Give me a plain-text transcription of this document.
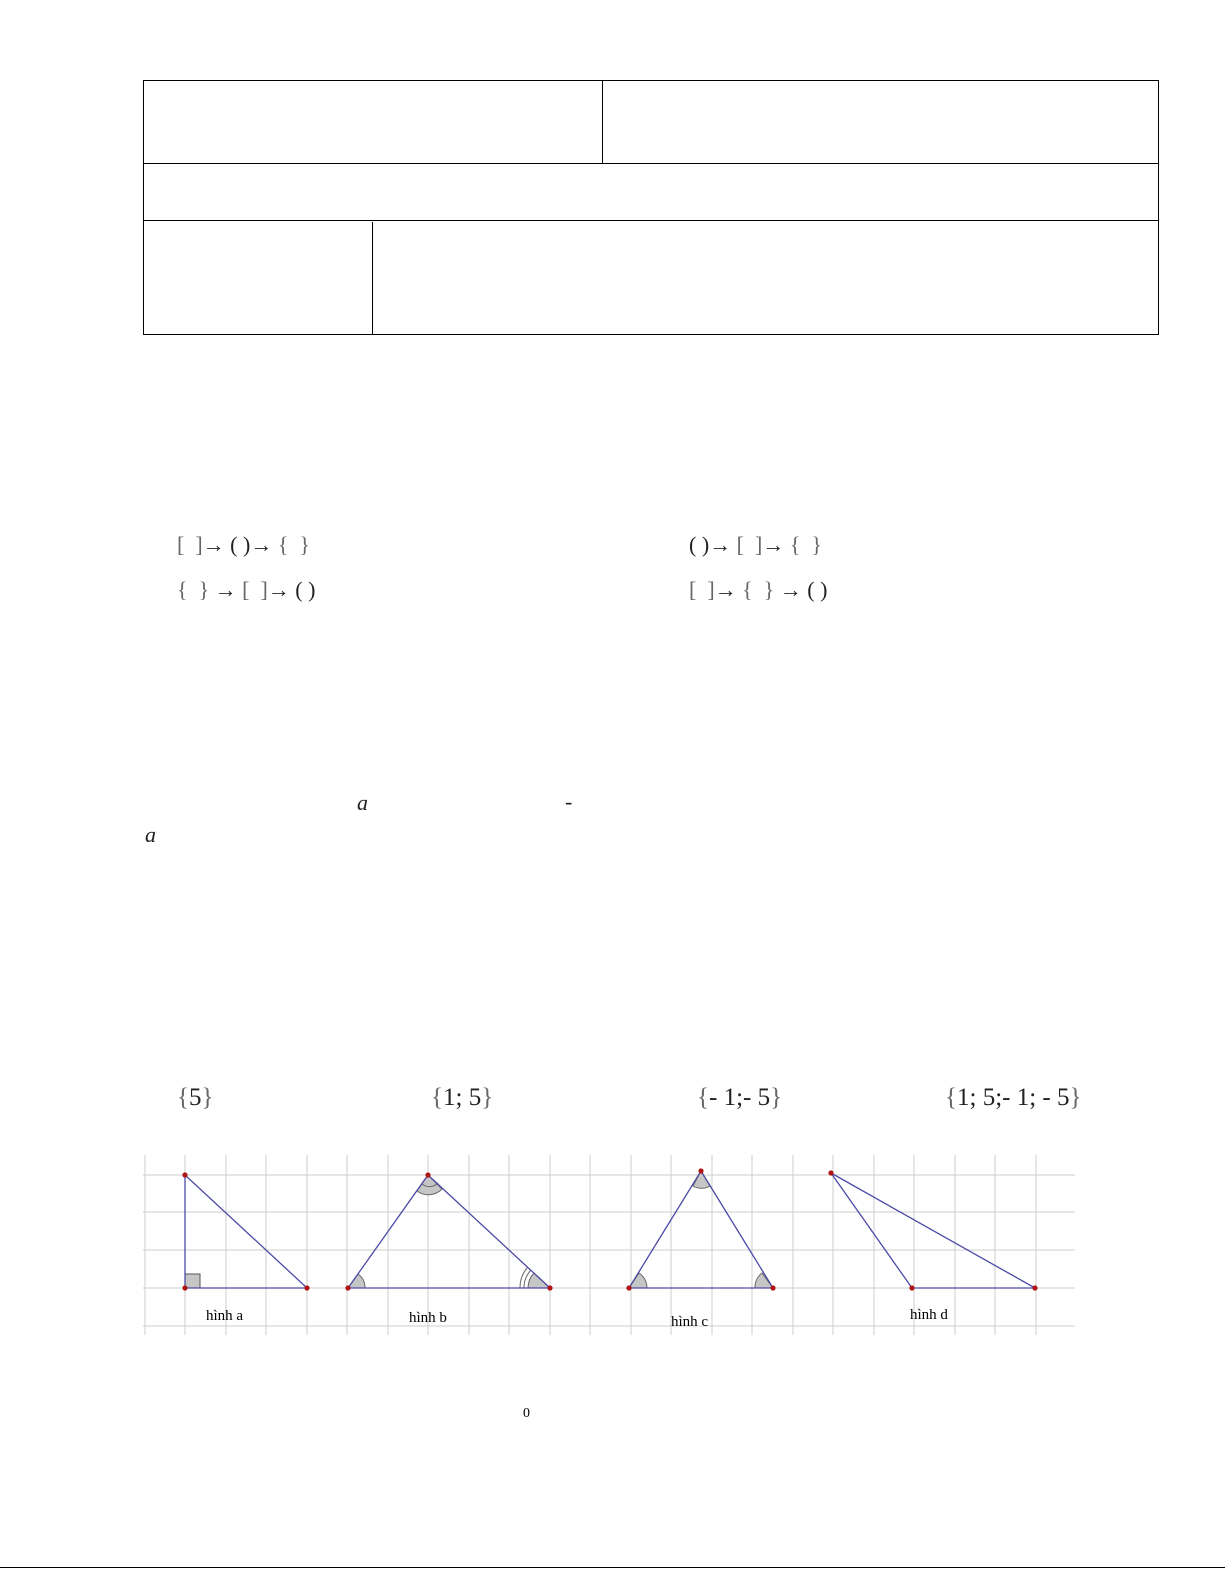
[ ]→ ( )→ { }	( )→ [ ]→ { }
{ } → [ ]→ ( )	[ ]→ { } → ( )
a	-
a
{5}	{1; 5}	{- 1;- 5}	{1; 5;- 1; - 5}
hình a	hình b	hình c	hình d
0
